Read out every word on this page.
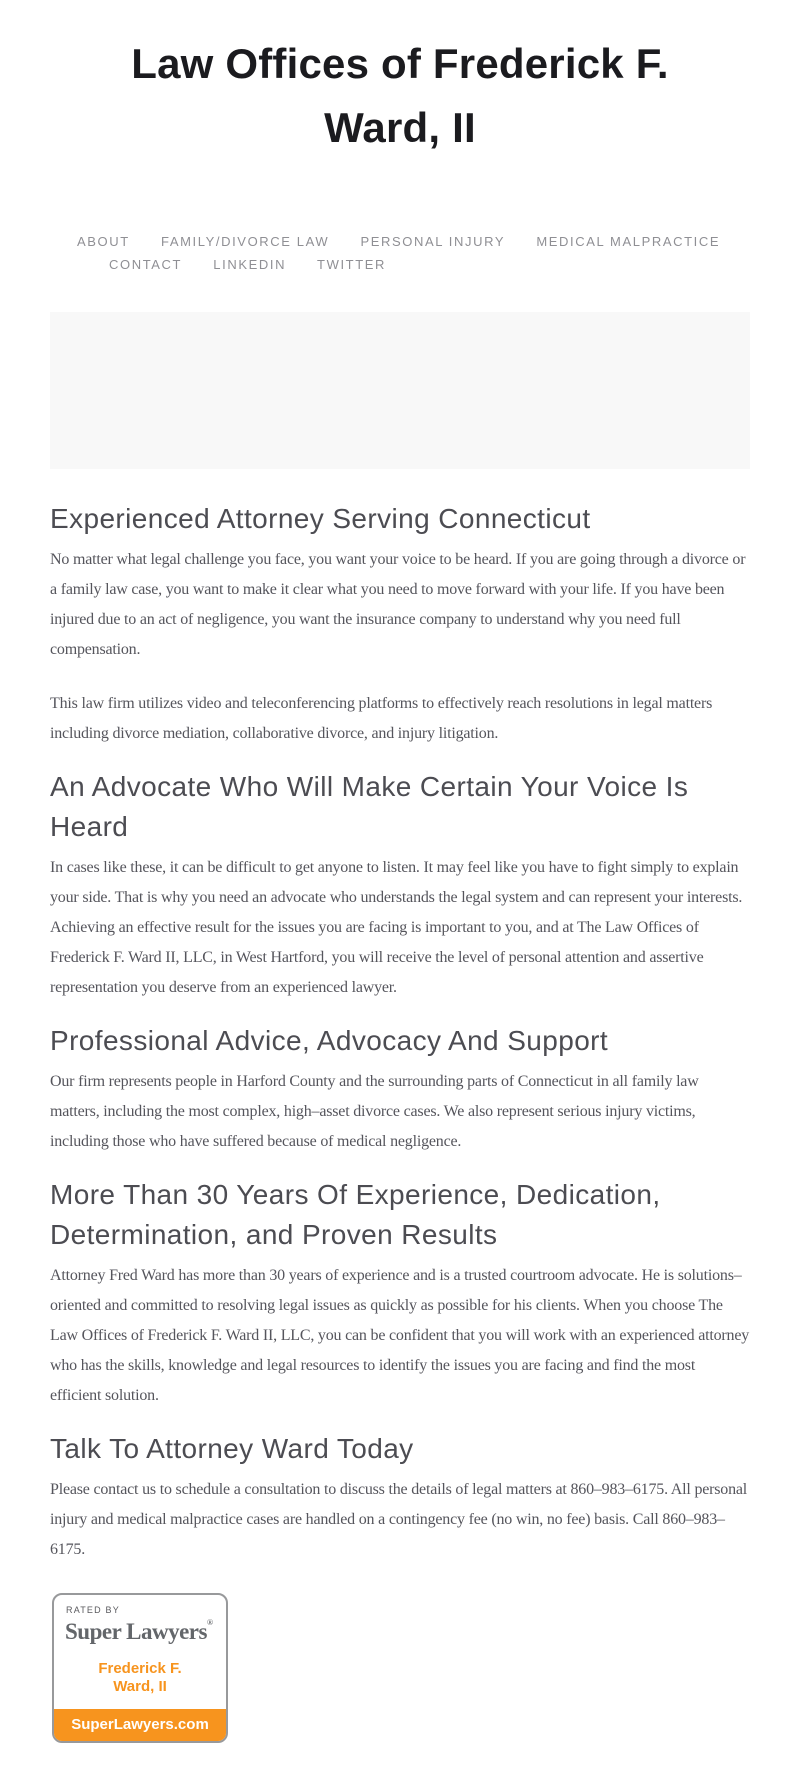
Law Offices of Frederick F.
Ward, II
ABOUT FAMILY/DIVORCE LAW PERSONAL INJURY MEDICAL MALPRACTICE CONTACT LINKEDIN TWITTER
Experienced Attorney Serving Connecticut

No matter what legal challenge you face, you want your voice to be heard. If you are going through a divorce or a family law case, you want to make it clear what you need to move forward with your life. If you have been injured due to an act of negligence, you want the insurance company to understand why you need full compensation.

This law firm utilizes video and teleconferencing platforms to effectively reach resolutions in legal matters including divorce mediation, collaborative divorce, and injury litigation.

An Advocate Who Will Make Certain Your Voice Is Heard

In cases like these, it can be difficult to get anyone to listen. It may feel like you have to fight simply to explain your side. That is why you need an advocate who understands the legal system and can represent your interests. Achieving an effective result for the issues you are facing is important to you, and at The Law Offices of Frederick F. Ward II, LLC, in West Hartford, you will receive the level of personal attention and assertive representation you deserve from an experienced lawyer.

Professional Advice, Advocacy And Support

Our firm represents people in Harford County and the surrounding parts of Connecticut in all family law matters, including the most complex, high–asset divorce cases. We also represent serious injury victims, including those who have suffered because of medical negligence.

More Than 30 Years Of Experience, Dedication, Determination, and Proven Results

Attorney Fred Ward has more than 30 years of experience and is a trusted courtroom advocate. He is solutions–oriented and committed to resolving legal issues as quickly as possible for his clients. When you choose The Law Offices of Frederick F. Ward II, LLC, you can be confident that you will work with an experienced attorney who has the skills, knowledge and legal resources to identify the issues you are facing and find the most efficient solution.

Talk To Attorney Ward Today

Please contact us to schedule a consultation to discuss the details of legal matters at 860–983–6175. All personal injury and medical malpractice cases are handled on a contingency fee (no win, no fee) basis. Call 860–983–6175.

RATED BY
Super Lawyers®
Frederick F.
Ward, II
SuperLawyers.com
